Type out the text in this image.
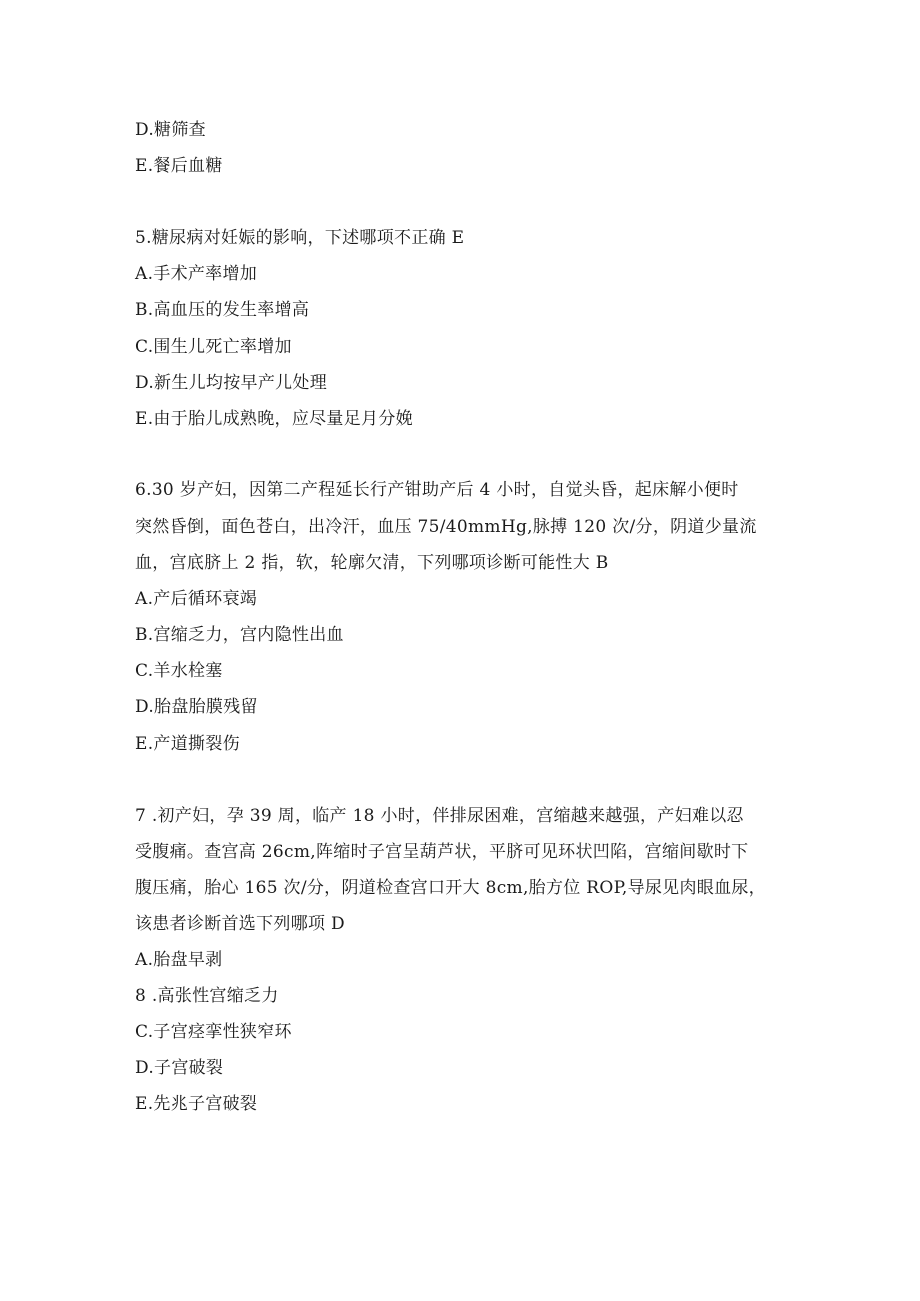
D.糖筛查
E.餐后血糖
5.糖尿病对妊娠的影响，下述哪项不正确 E
A.手术产率增加
B.高血压的发生率增高
C.围生儿死亡率增加
D.新生儿均按早产儿处理
E.由于胎儿成熟晚，应尽量足月分娩
6.30 岁产妇，因第二产程延长行产钳助产后 4 小时，自觉头昏，起床解小便时
突然昏倒，面色苍白，出冷汗，血压 75/40mmHg,脉搏 120 次/分，阴道少量流
血，宫底脐上 2 指，软，轮廓欠清，下列哪项诊断可能性大 B
A.产后循环衰竭
B.宫缩乏力，宫内隐性出血
C.羊水栓塞
D.胎盘胎膜残留
E.产道撕裂伤
7 .初产妇，孕 39 周，临产 18 小时，伴排尿困难，宫缩越来越强，产妇难以忍
受腹痛。查宫高 26cm,阵缩时子宫呈葫芦状，平脐可见环状凹陷，宫缩间歇时下
腹压痛，胎心 165 次/分，阴道检查宫口开大 8cm,胎方位 ROP,导尿见肉眼血尿，
该患者诊断首选下列哪项 D
A.胎盘早剥
8 .高张性宫缩乏力
C.子宫痉挛性狭窄环
D.子宫破裂
E.先兆子宫破裂
